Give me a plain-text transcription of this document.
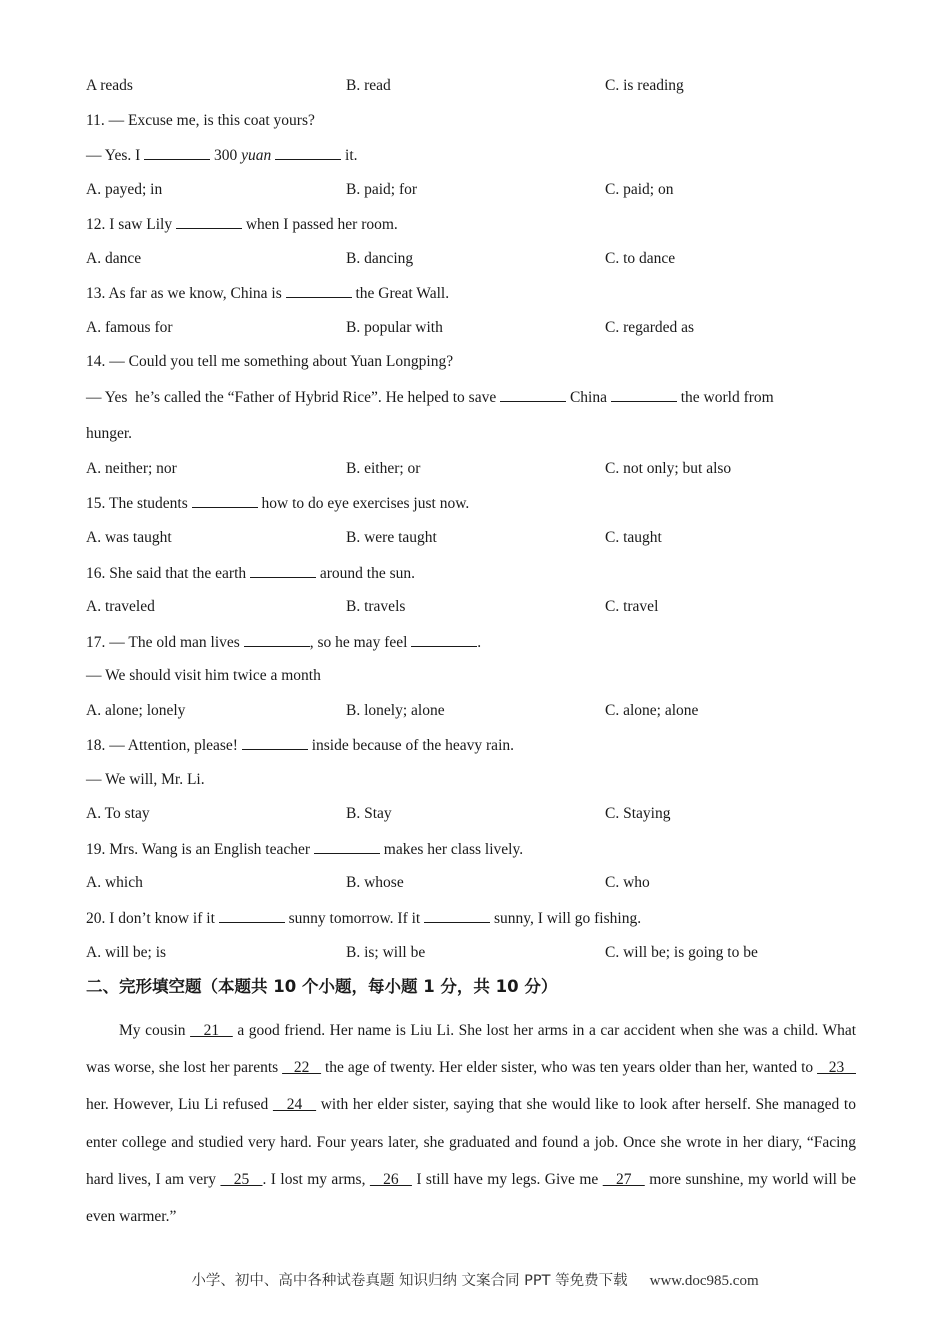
A reads	B. read	C. is reading
11. — Excuse me, is this coat yours?
— Yes. I	300 yuan	it.
A. payed; in	B. paid; for	C. paid; on
12. I saw Lily	when I passed her room.
A. dance	B. dancing	C. to dance
13. As far as we know, China is	the Great Wall.
A. famous for	B. popular with	C. regarded as
14. — Could you tell me something about Yuan Longping?
— Yes  he’s called the “Father of Hybrid Rice”. He helped to save	China	the world from
hunger.
A. neither; nor	B. either; or	C. not only; but also
15. The students	how to do eye exercises just now.
A. was taught	B. were taught	C. taught
16. She said that the earth	around the sun.
A. traveled	B. travels	C. travel
17. — The old man lives	, so he may feel	.
— We should visit him twice a month
A. alone; lonely	B. lonely; alone	C. alone; alone
18. — Attention, please!	inside because of the heavy rain.
— We will, Mr. Li.
A. To stay	B. Stay	C. Staying
19. Mrs. Wang is an English teacher	makes her class lively.
A. which	B. whose	C. who
20. I don’t know if it	sunny tomorrow. If it	sunny, I will go fishing.
A. will be; is	B. is; will be	C. will be; is going to be
二、完形填空题（本题共 10 个小题，每小题 1 分，共 10 分）
My cousin    21    a good friend. Her name is Liu Li. She lost her arms in a car accident when she was a child. What was worse, she lost her parents    22    the age of twenty. Her elder sister, who was ten years older than her, wanted to    23    her. However, Liu Li refused    24    with her elder sister, saying that she would like to look after herself. She managed to enter college and studied very hard. Four years later, she graduated and found a job. Once she wrote in her diary, “Facing hard lives, I am very    25   . I lost my arms,    26    I still have my legs. Give me    27    more sunshine, my world will be even warmer.”
小学、初中、高中各种试卷真题 知识归纳 文案合同 PPT 等免费下载 www.doc985.com
